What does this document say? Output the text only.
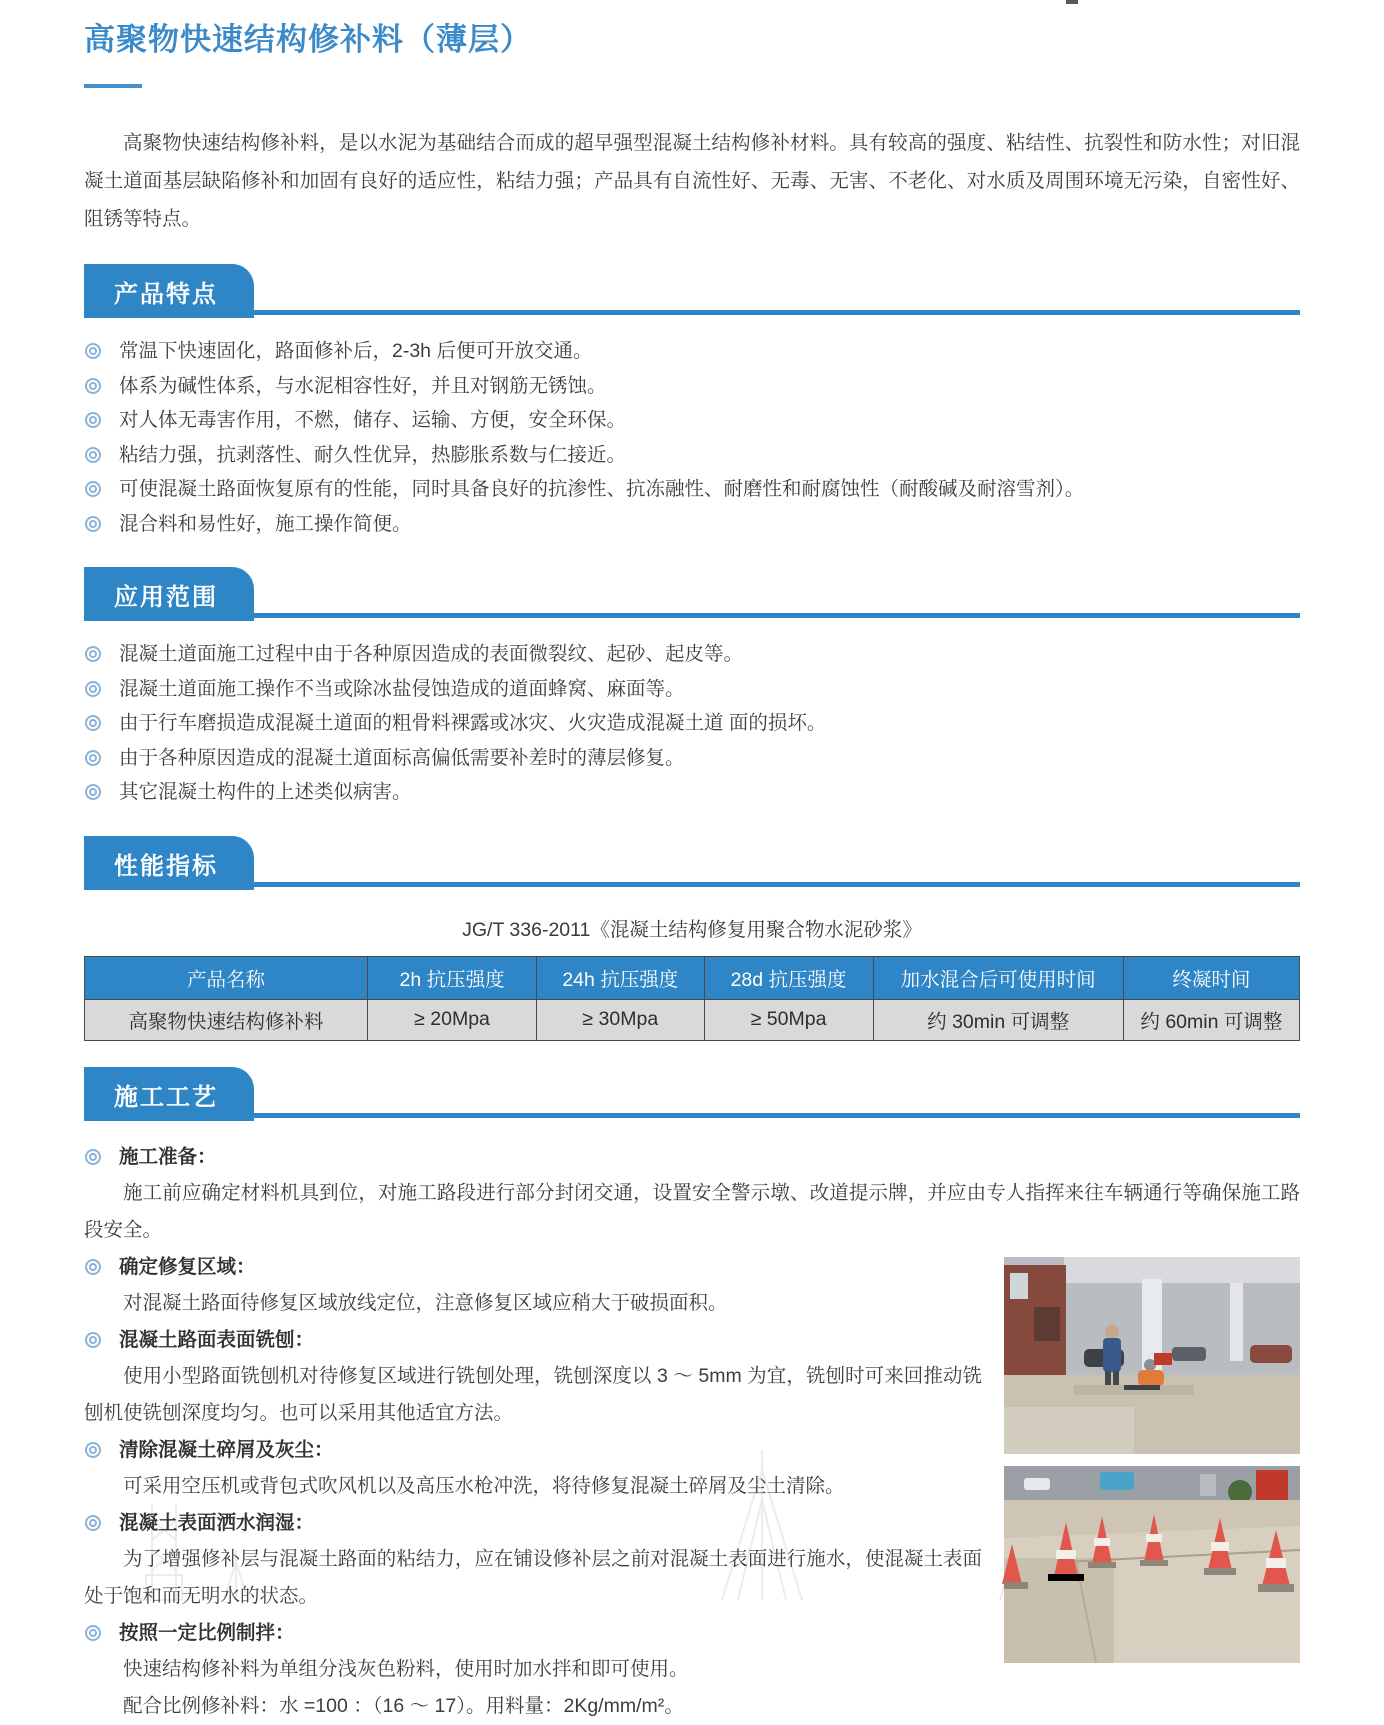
高聚物快速结构修补料（薄层）

高聚物快速结构修补料，是以水泥为基础结合而成的超早强型混凝土结构修补材料。具有较高的强度、粘结性、抗裂性和防水性；对旧混凝土道面基层缺陷修补和加固有良好的适应性，粘结力强；产品具有自流性好、无毒、无害、不老化、对水质及周围环境无污染，自密性好、阻锈等特点。

产品特点
常温下快速固化，路面修补后，2-3h 后便可开放交通。
体系为碱性体系，与水泥相容性好，并且对钢筋无锈蚀。
对人体无毒害作用，不燃，储存、运输、方便，安全环保。
粘结力强，抗剥落性、耐久性优异，热膨胀系数与仁接近。
可使混凝土路面恢复原有的性能，同时具备良好的抗渗性、抗冻融性、耐磨性和耐腐蚀性（耐酸碱及耐溶雪剂）。
混合料和易性好，施工操作简便。
应用范围
混凝土道面施工过程中由于各种原因造成的表面微裂纹、起砂、起皮等。
混凝土道面施工操作不当或除冰盐侵蚀造成的道面蜂窝、麻面等。
由于行车磨损造成混凝土道面的粗骨料裸露或冰灾、火灾造成混凝土道 面的损坏。
由于各种原因造成的混凝土道面标高偏低需要补差时的薄层修复。
其它混凝土构件的上述类似病害。
性能指标
JG/T 336-2011《混凝土结构修复用聚合物水泥砂浆》
产品名称	2h 抗压强度	24h 抗压强度	28d 抗压强度	加水混合后可使用时间	终凝时间
高聚物快速结构修补料	≥ 20Mpa	≥ 30Mpa	≥ 50Mpa	约 30min 可调整	约 60min 可调整
施工工艺
施工准备：

施工前应确定材料机具到位，对施工路段进行部分封闭交通，设置安全警示墩、改道提示牌，并应由专人指挥来往车辆通行等确保施工路段安全。

确定修复区域：

对混凝土路面待修复区域放线定位，注意修复区域应稍大于破损面积。

混凝土路面表面铣刨：

使用小型路面铣刨机对待修复区域进行铣刨处理，铣刨深度以 3 ～ 5mm 为宜，铣刨时可来回推动铣刨机使铣刨深度均匀。也可以采用其他适宜方法。

清除混凝土碎屑及灰尘：

可采用空压机或背包式吹风机以及高压水枪冲洗，将待修复混凝土碎屑及尘土清除。

混凝土表面洒水润湿：

为了增强修补层与混凝土路面的粘结力，应在铺设修补层之前对混凝土表面进行施水，使混凝土表面处于饱和而无明水的状态。

按照一定比例制拌：

快速结构修补料为单组分浅灰色粉料，使用时加水拌和即可使用。

配合比例修补料：水 =100 ：（16 ～ 17）。用料量：2Kg/mm/m²。
